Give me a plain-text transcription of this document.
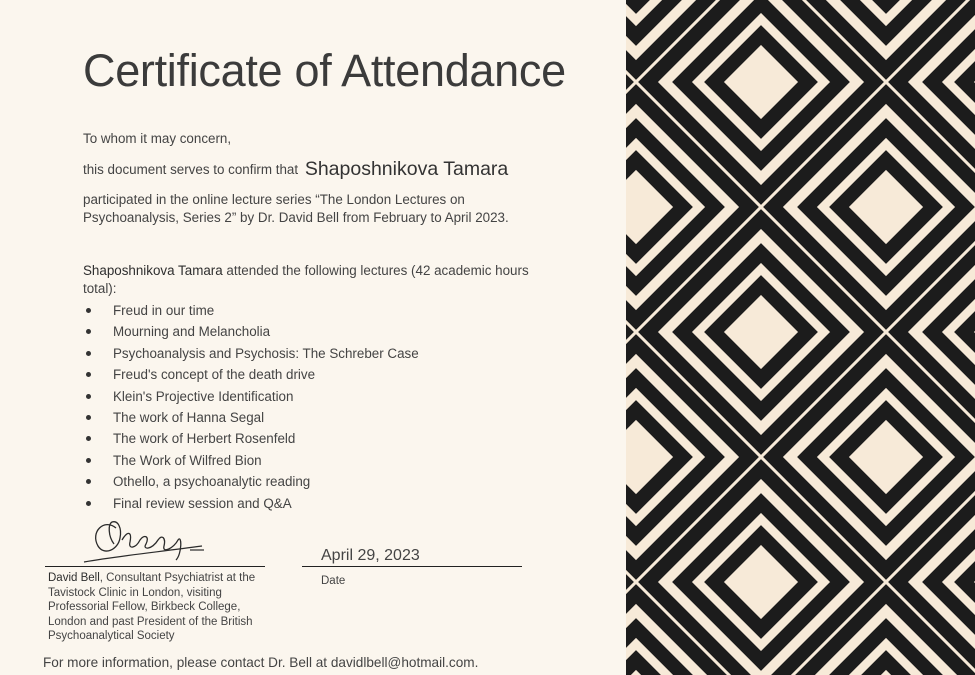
Certificate of Attendance
To whom it may concern,
this document serves to confirm that Shaposhnikova Tamara
participated in the online lecture series “The London Lectures on
Psychoanalysis, Series 2” by Dr. David Bell from February to April 2023.
Shaposhnikova Tamara attended the following lectures (42 academic hours
total):
Freud in our time
Mourning and Melancholia
Psychoanalysis and Psychosis: The Schreber Case
Freud's concept of the death drive
Klein's Projective Identification
The work of Hanna Segal
The work of Herbert Rosenfeld
The Work of Wilfred Bion
Othello, a psychoanalytic reading
Final review session and Q&A
April 29, 2023
Date
David Bell, Consultant Psychiatrist at the
Tavistock Clinic in London, visiting
Professorial Fellow, Birkbeck College,
London and past President of the British
Psychoanalytical Society
For more information, please contact Dr. Bell at davidlbell@hotmail.com.
